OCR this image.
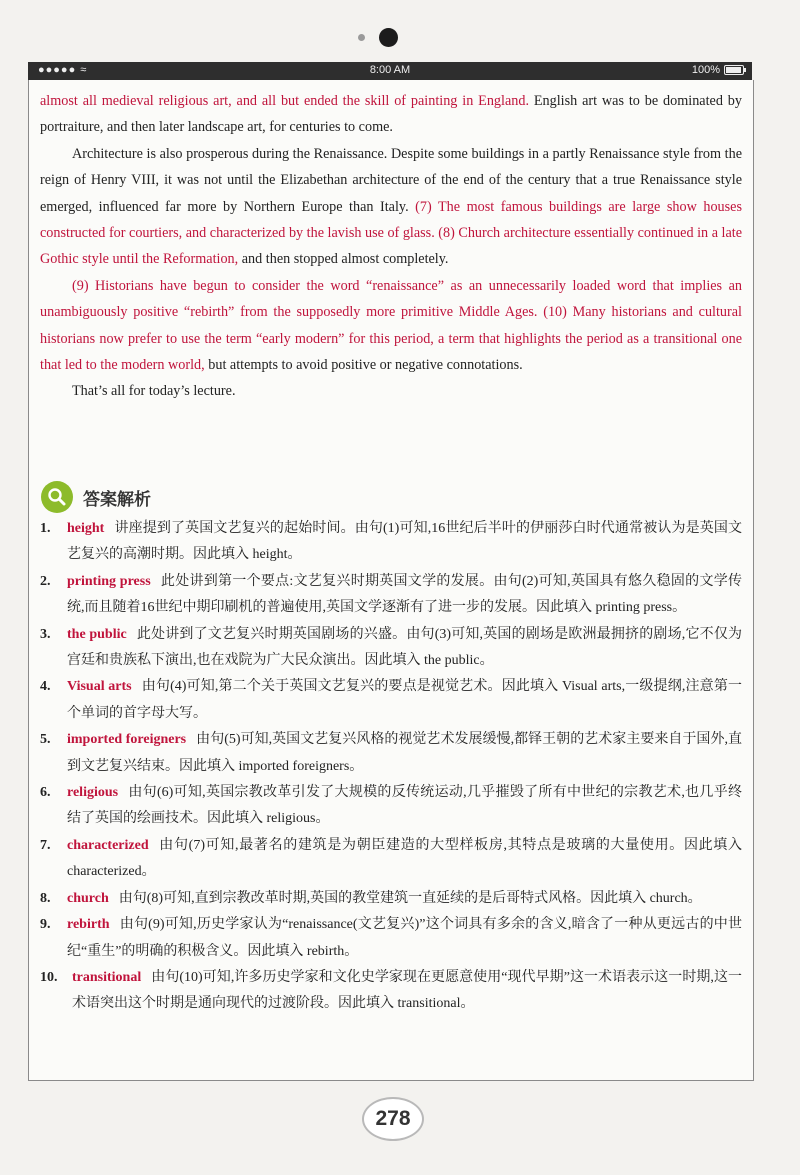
●●●●● ≈	8:00 AM	100%

almost all medieval religious art, and all but ended the skill of painting in England. English art was to be dominated by portraiture, and then later landscape art, for centuries to come.

Architecture is also prosperous during the Renaissance. Despite some buildings in a partly Renaissance style from the reign of Henry VIII, it was not until the Elizabethan architecture of the end of the century that a true Renaissance style emerged, influenced far more by Northern Europe than Italy. (7) The most famous buildings are large show houses constructed for courtiers, and characterized by the lavish use of glass. (8) Church architecture essentially continued in a late Gothic style until the Reformation, and then stopped almost completely.

(9) Historians have begun to consider the word “renaissance” as an unnecessarily loaded word that implies an unambiguously positive “rebirth” from the supposedly more primitive Middle Ages. (10) Many historians and cultural historians now prefer to use the term “early modern” for this period, a term that highlights the period as a transitional one that led to the modern world, but attempts to avoid positive or negative connotations.

That’s all for today’s lecture.

答案解析
1. height 讲座提到了英国文艺复兴的起始时间。由句(1)可知,16世纪后半叶的伊丽莎白时代通常被认为是英国文艺复兴的高潮时期。因此填入 height。
2. printing press 此处讲到第一个要点:文艺复兴时期英国文学的发展。由句(2)可知,英国具有悠久稳固的文学传统,而且随着16世纪中期印刷机的普遍使用,英国文学逐渐有了进一步的发展。因此填入 printing press。
3. the public 此处讲到了文艺复兴时期英国剧场的兴盛。由句(3)可知,英国的剧场是欧洲最拥挤的剧场,它不仅为宫廷和贵族私下演出,也在戏院为广大民众演出。因此填入 the public。
4. Visual arts 由句(4)可知,第二个关于英国文艺复兴的要点是视觉艺术。因此填入 Visual arts,一级提纲,注意第一个单词的首字母大写。
5. imported foreigners 由句(5)可知,英国文艺复兴风格的视觉艺术发展缓慢,都铎王朝的艺术家主要来自于国外,直到文艺复兴结束。因此填入 imported foreigners。
6. religious 由句(6)可知,英国宗教改革引发了大规模的反传统运动,几乎摧毁了所有中世纪的宗教艺术,也几乎终结了英国的绘画技术。因此填入 religious。
7. characterized 由句(7)可知,最著名的建筑是为朝臣建造的大型样板房,其特点是玻璃的大量使用。因此填入 characterized。
8. church 由句(8)可知,直到宗教改革时期,英国的教堂建筑一直延续的是后哥特式风格。因此填入 church。
9. rebirth 由句(9)可知,历史学家认为“renaissance(文艺复兴)”这个词具有多余的含义,暗含了一种从更远古的中世纪“重生”的明确的积极含义。因此填入 rebirth。
10. transitional 由句(10)可知,许多历史学家和文化史学家现在更愿意使用“现代早期”这一术语表示这一时期,这一术语突出这个时期是通向现代的过渡阶段。因此填入 transitional。
278
